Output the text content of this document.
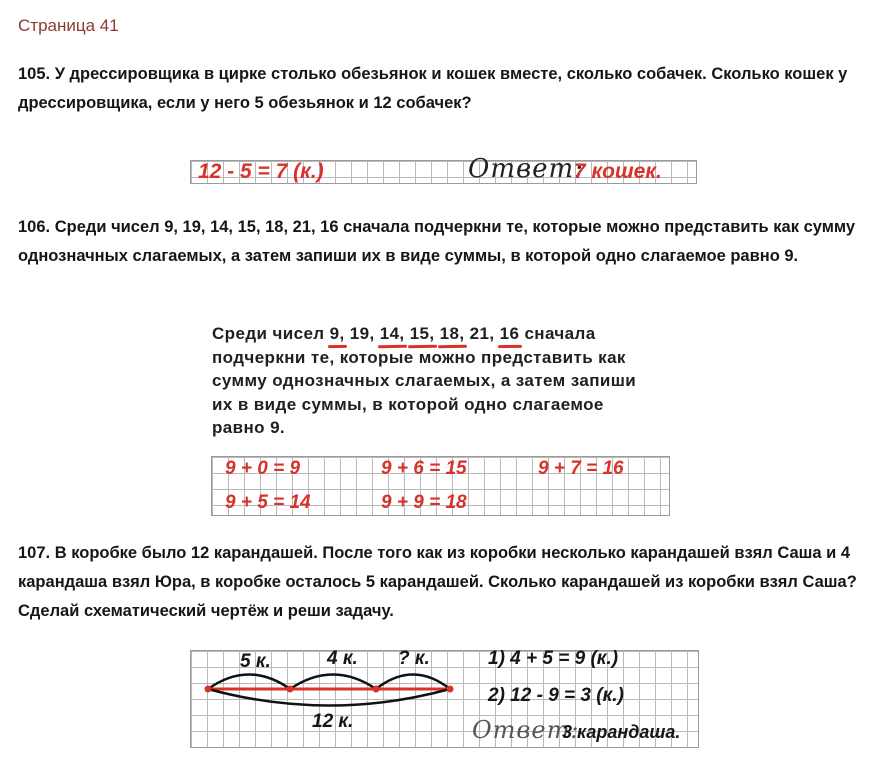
Страница 41
105. У дрессировщика в цирке столько обезьянок и кошек вместе, сколько собачек. Сколько кошек у дрессировщика, если у него 5 обезьянок и 12 собачек?
12 - 5 = 7 (к.)	Ответ:
7 кошек.
106. Среди чисел 9, 19, 14, 15, 18, 21, 16 сначала подчеркни те, которые можно представить как сумму однозначных слагаемых, а затем запиши их в виде суммы, в которой одно слагаемое равно 9.
Среди чисел 9, 19, 14, 15, 18, 21, 16 сначала
подчеркни те, которые можно представить как
сумму однозначных слагаемых, а затем запиши
их в виде суммы, в которой одно слагаемое
равно 9.
9 + 0 = 9	9 + 6 = 15	9 + 7 = 16
9 + 5 = 14	9 + 9 = 18
107. В коробке было 12 карандашей. После того как из коробки несколько карандашей взял Саша и 4 карандаша взял Юра, в коробке осталось 5 карандашей. Сколько карандашей из коробки взял Саша? Сделай схематический чертёж и реши задачу.
5 к.	4 к. ? к.
12 к.
1) 4 + 5 = 9 (к.)
2) 12 - 9 = 3 (к.)
Ответ:
3 карандаша.
